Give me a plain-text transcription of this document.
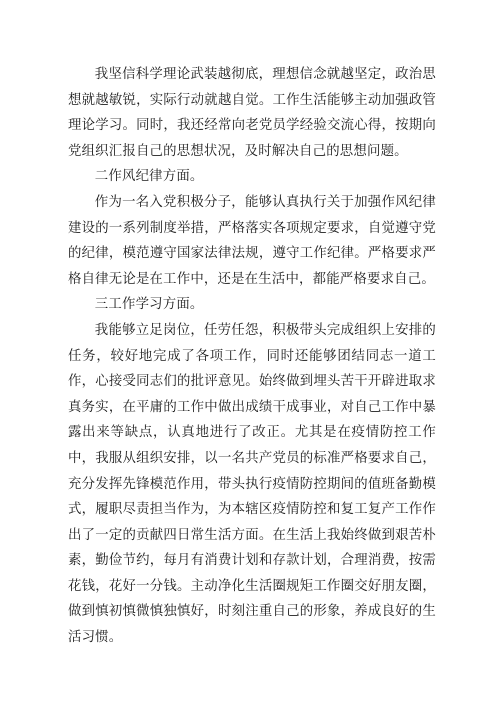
我坚信科学理论武装越彻底，理想信念就越坚定，政治思想就越敏锐，实际行动就越自觉。工作生活能够主动加强政管理论学习。同时，我还经常向老党员学经验交流心得，按期向党组织汇报自己的思想状况，及时解决自己的思想问题。

二作风纪律方面。

作为一名入党积极分子，能够认真执行关于加强作风纪律建设的一系列制度举措，严格落实各项规定要求，自觉遵守党的纪律，模范遵守国家法律法规，遵守工作纪律。严格要求严格自律无论是在工作中，还是在生活中，都能严格要求自己。

三工作学习方面。

我能够立足岗位，任劳任怨，积极带头完成组织上安排的任务，较好地完成了各项工作，同时还能够团结同志一道工作，心接受同志们的批评意见。始终做到埋头苦干开辟进取求真务实，在平庸的工作中做出成绩干成事业，对自己工作中暴露出来等缺点，认真地进行了改正。尤其是在疫情防控工作中，我服从组织安排，以一名共产党员的标准严格要求自己，充分发挥先锋模范作用，带头执行疫情防控期间的值班备勤模式，履职尽责担当作为，为本辖区疫情防控和复工复产工作作出了一定的贡献四日常生活方面。在生活上我始终做到艰苦朴素，勤俭节约，每月有消费计划和存款计划，合理消费，按需花钱，花好一分钱。主动净化生活圈规矩工作圈交好朋友圈，做到慎初慎微慎独慎好，时刻注重自己的形象，养成良好的生活习惯。
